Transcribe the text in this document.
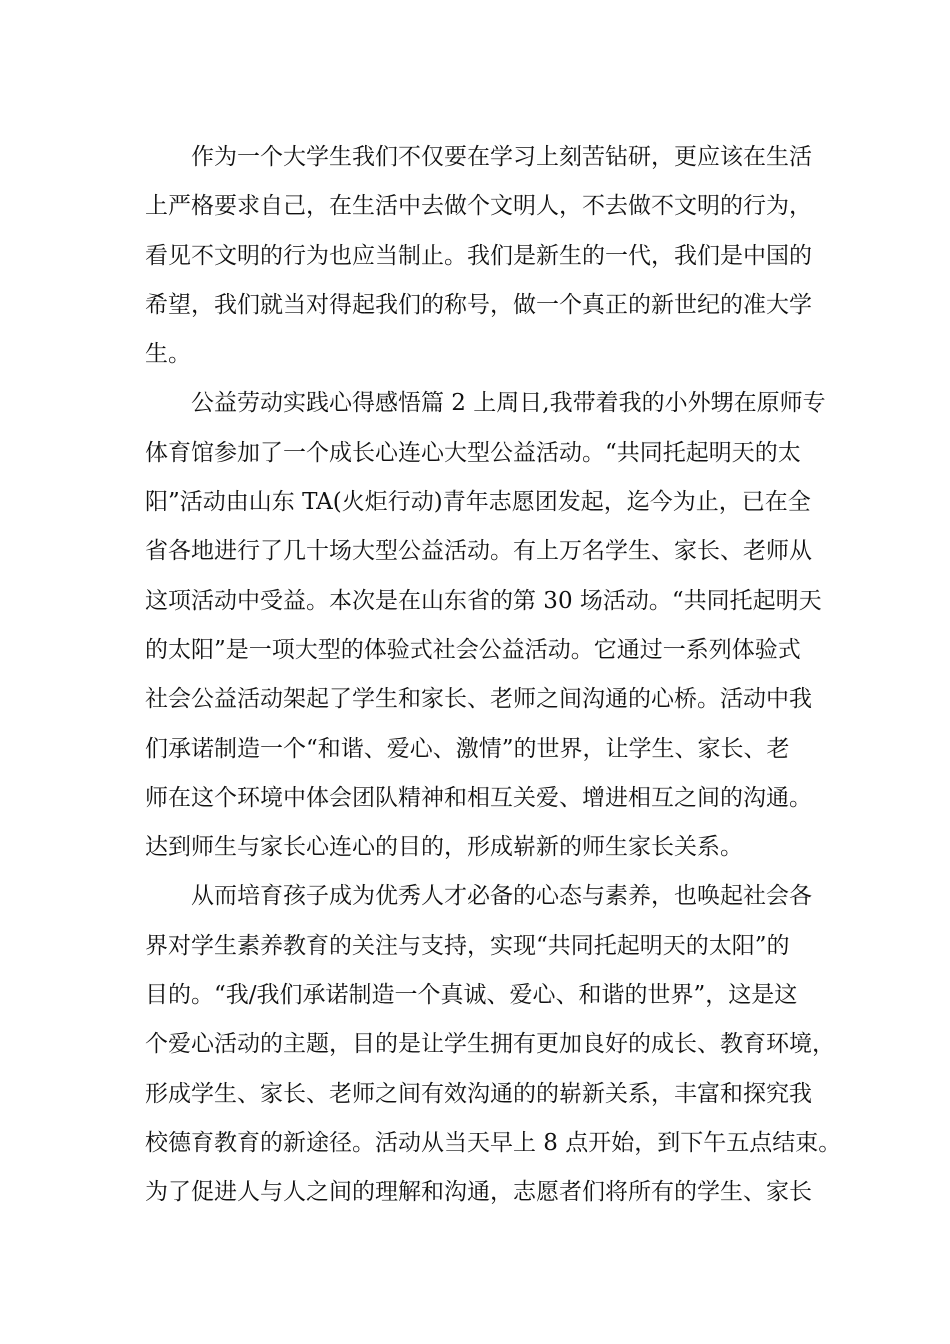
作为一个大学生我们不仅要在学习上刻苦钻研，更应该在生活
上严格要求自己，在生活中去做个文明人，不去做不文明的行为，
看见不文明的行为也应当制止。我们是新生的一代，我们是中国的
希望，我们就当对得起我们的称号，做一个真正的新世纪的准大学
生。
公益劳动实践心得感悟篇 2 上周日,我带着我的小外甥在原师专
体育馆参加了一个成长心连心大型公益活动。“共同托起明天的太
阳”活动由山东 TA(火炬行动)青年志愿团发起，迄今为止，已在全
省各地进行了几十场大型公益活动。有上万名学生、家长、老师从
这项活动中受益。本次是在山东省的第 30 场活动。“共同托起明天
的太阳”是一项大型的体验式社会公益活动。它通过一系列体验式
社会公益活动架起了学生和家长、老师之间沟通的心桥。活动中我
们承诺制造一个“和谐、爱心、激情”的世界，让学生、家长、老
师在这个环境中体会团队精神和相互关爱、增进相互之间的沟通。
达到师生与家长心连心的目的，形成崭新的师生家长关系。
从而培育孩子成为优秀人才必备的心态与素养，也唤起社会各
界对学生素养教育的关注与支持，实现“共同托起明天的太阳”的
目的。“我/我们承诺制造一个真诚、爱心、和谐的世界”，这是这
个爱心活动的主题，目的是让学生拥有更加良好的成长、教育环境，
形成学生、家长、老师之间有效沟通的的崭新关系，丰富和探究我
校德育教育的新途径。活动从当天早上 8 点开始，到下午五点结束。
为了促进人与人之间的理解和沟通，志愿者们将所有的学生、家长
